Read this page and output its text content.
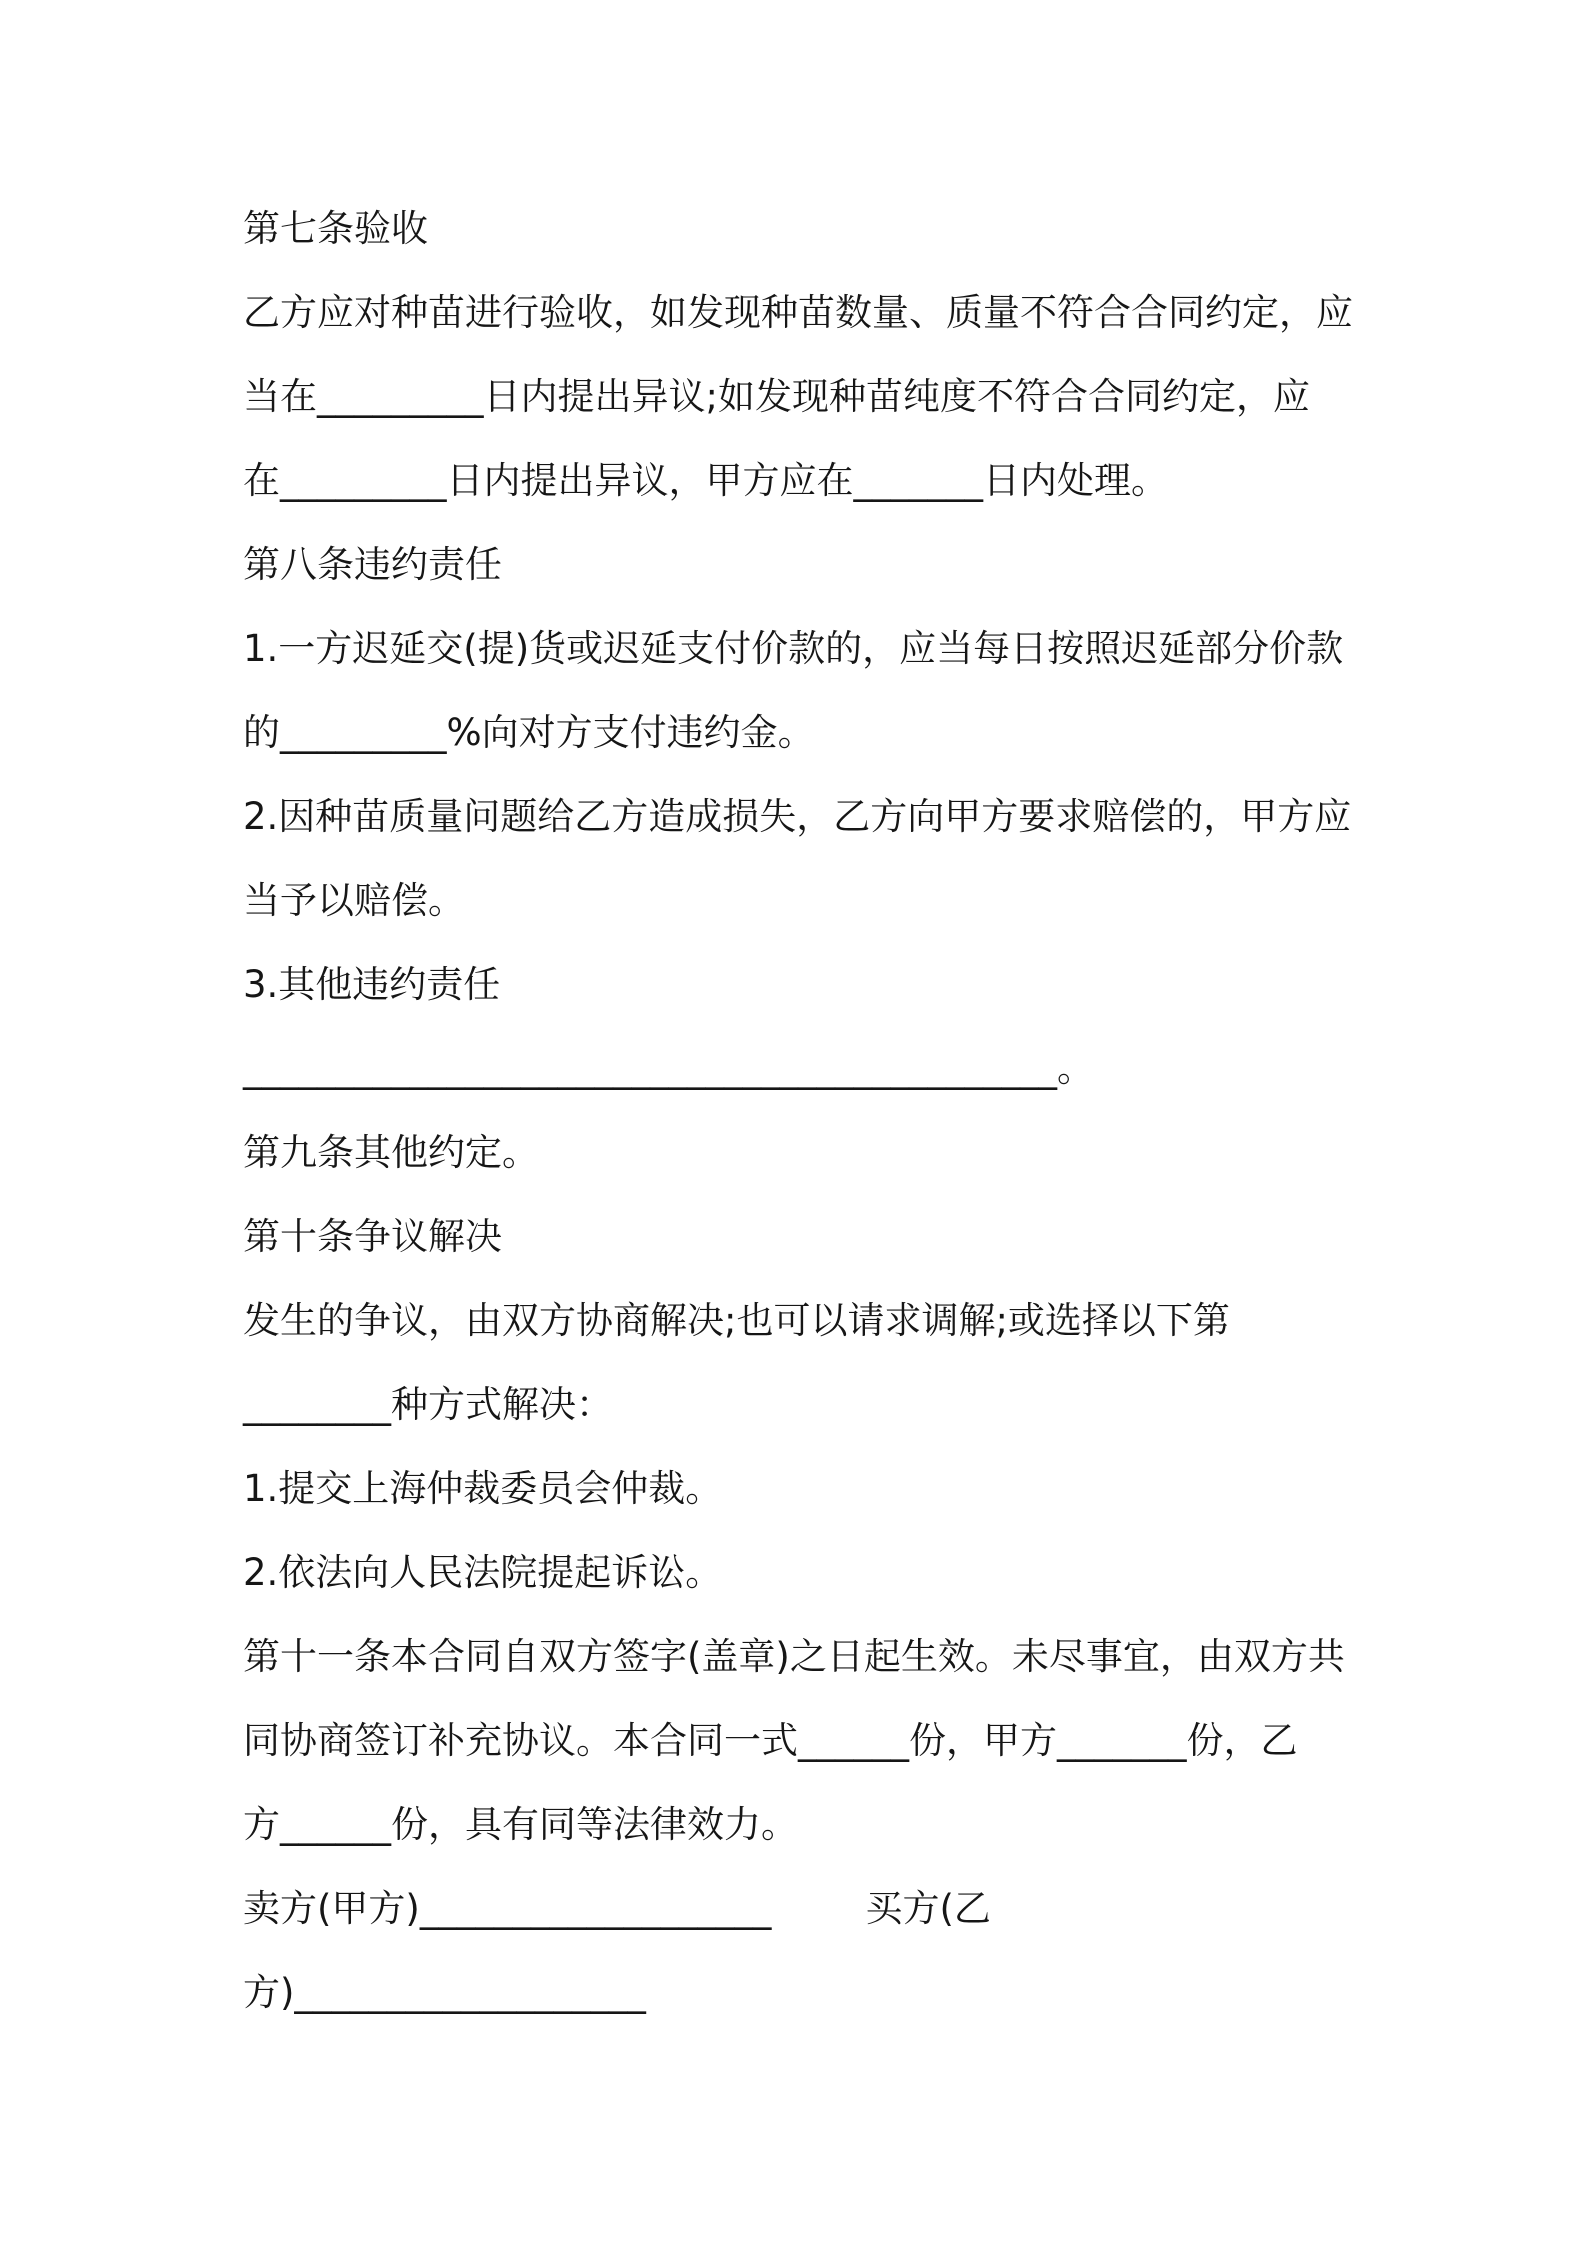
第七条验收
乙方应对种苗进行验收，如发现种苗数量、质量不符合合同约定，应
当在_________日内提出异议;如发现种苗纯度不符合合同约定，应
在_________日内提出异议，甲方应在_______日内处理。
第八条违约责任
1.一方迟延交(提)货或迟延支付价款的，应当每日按照迟延部分价款
的_________%向对方支付违约金。
2.因种苗质量问题给乙方造成损失，乙方向甲方要求赔偿的，甲方应
当予以赔偿。
3.其他违约责任
____________________________________________。
第九条其他约定。
第十条争议解决
发生的争议，由双方协商解决;也可以请求调解;或选择以下第
________种方式解决：
1.提交上海仲裁委员会仲裁。
2.依法向人民法院提起诉讼。
第十一条本合同自双方签字(盖章)之日起生效。未尽事宜，由双方共
同协商签订补充协议。本合同一式______份，甲方_______份，乙
方______份，具有同等法律效力。
卖方(甲方)___________________        买方(乙
方)___________________
